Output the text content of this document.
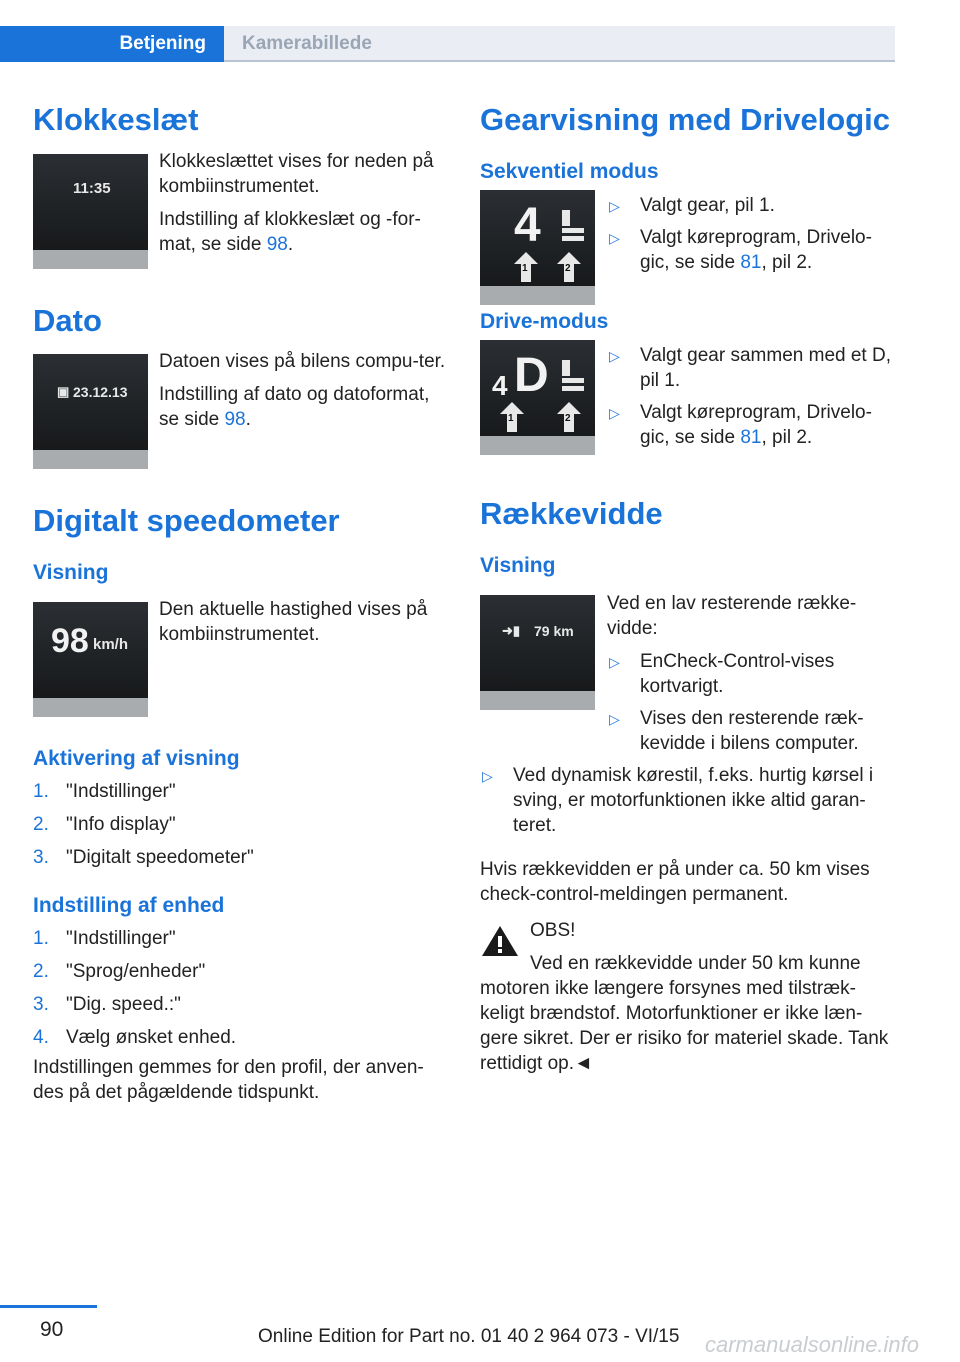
Betjening	Kamerabillede
Klokkeslæt
11:35

Klokkeslættet vises for neden på kombiinstrumentet.

Indstilling af klokkeslæt og -for-mat, se side 98.

Dato
▣ 23.12.13

Datoen vises på bilens compu-ter.

Indstilling af dato og datoformat, se side 98.

Digitalt speedometer
Visning
98 km/h
Den aktuelle hastighed vises på kombiinstrumentet.
Aktivering af visning
1. "Indstillinger"
2. "Info display"
3. "Digitalt speedometer"
Indstilling af enhed
1. "Indstillinger"
2. "Sprog/enheder"
3. "Dig. speed.:"
4. Vælg ønsket enhed.
Indstillingen gemmes for den profil, der anven-des på det pågældende tidspunkt.
Gearvisning med Drivelogic
Sekventiel modus
4
1	2
▷ Valgt gear, pil 1.
▷ Valgt køreprogram, Drivelo-gic, se side 81, pil 2.
Drive-modus
4 D
1	2
▷ Valgt gear sammen med et D, pil 1.
▷ Valgt køreprogram, Drivelo-gic, se side 81, pil 2.
Rækkevidde
Visning
➜▮ 79 km
Ved en lav resterende række-vidde:
▷ EnCheck-Control-vises kortvarigt.
▷ Vises den resterende ræk-kevidde i bilens computer.
▷ Ved dynamisk kørestil, f.eks. hurtig kørsel i sving, er motorfunktionen ikke altid garan-teret.
Hvis rækkevidden er på under ca. 50 km vises check-control-meldingen permanent.
OBS!
Ved en rækkevidde under 50 km kunne motoren ikke længere forsynes med tilstræk-keligt brændstof. Motorfunktioner er ikke læn-gere sikret. Der er risiko for materiel skade. Tank rettidigt op.◄
90	Online Edition for Part no. 01 40 2 964 073 - VI/15 carmanualsonline.info
